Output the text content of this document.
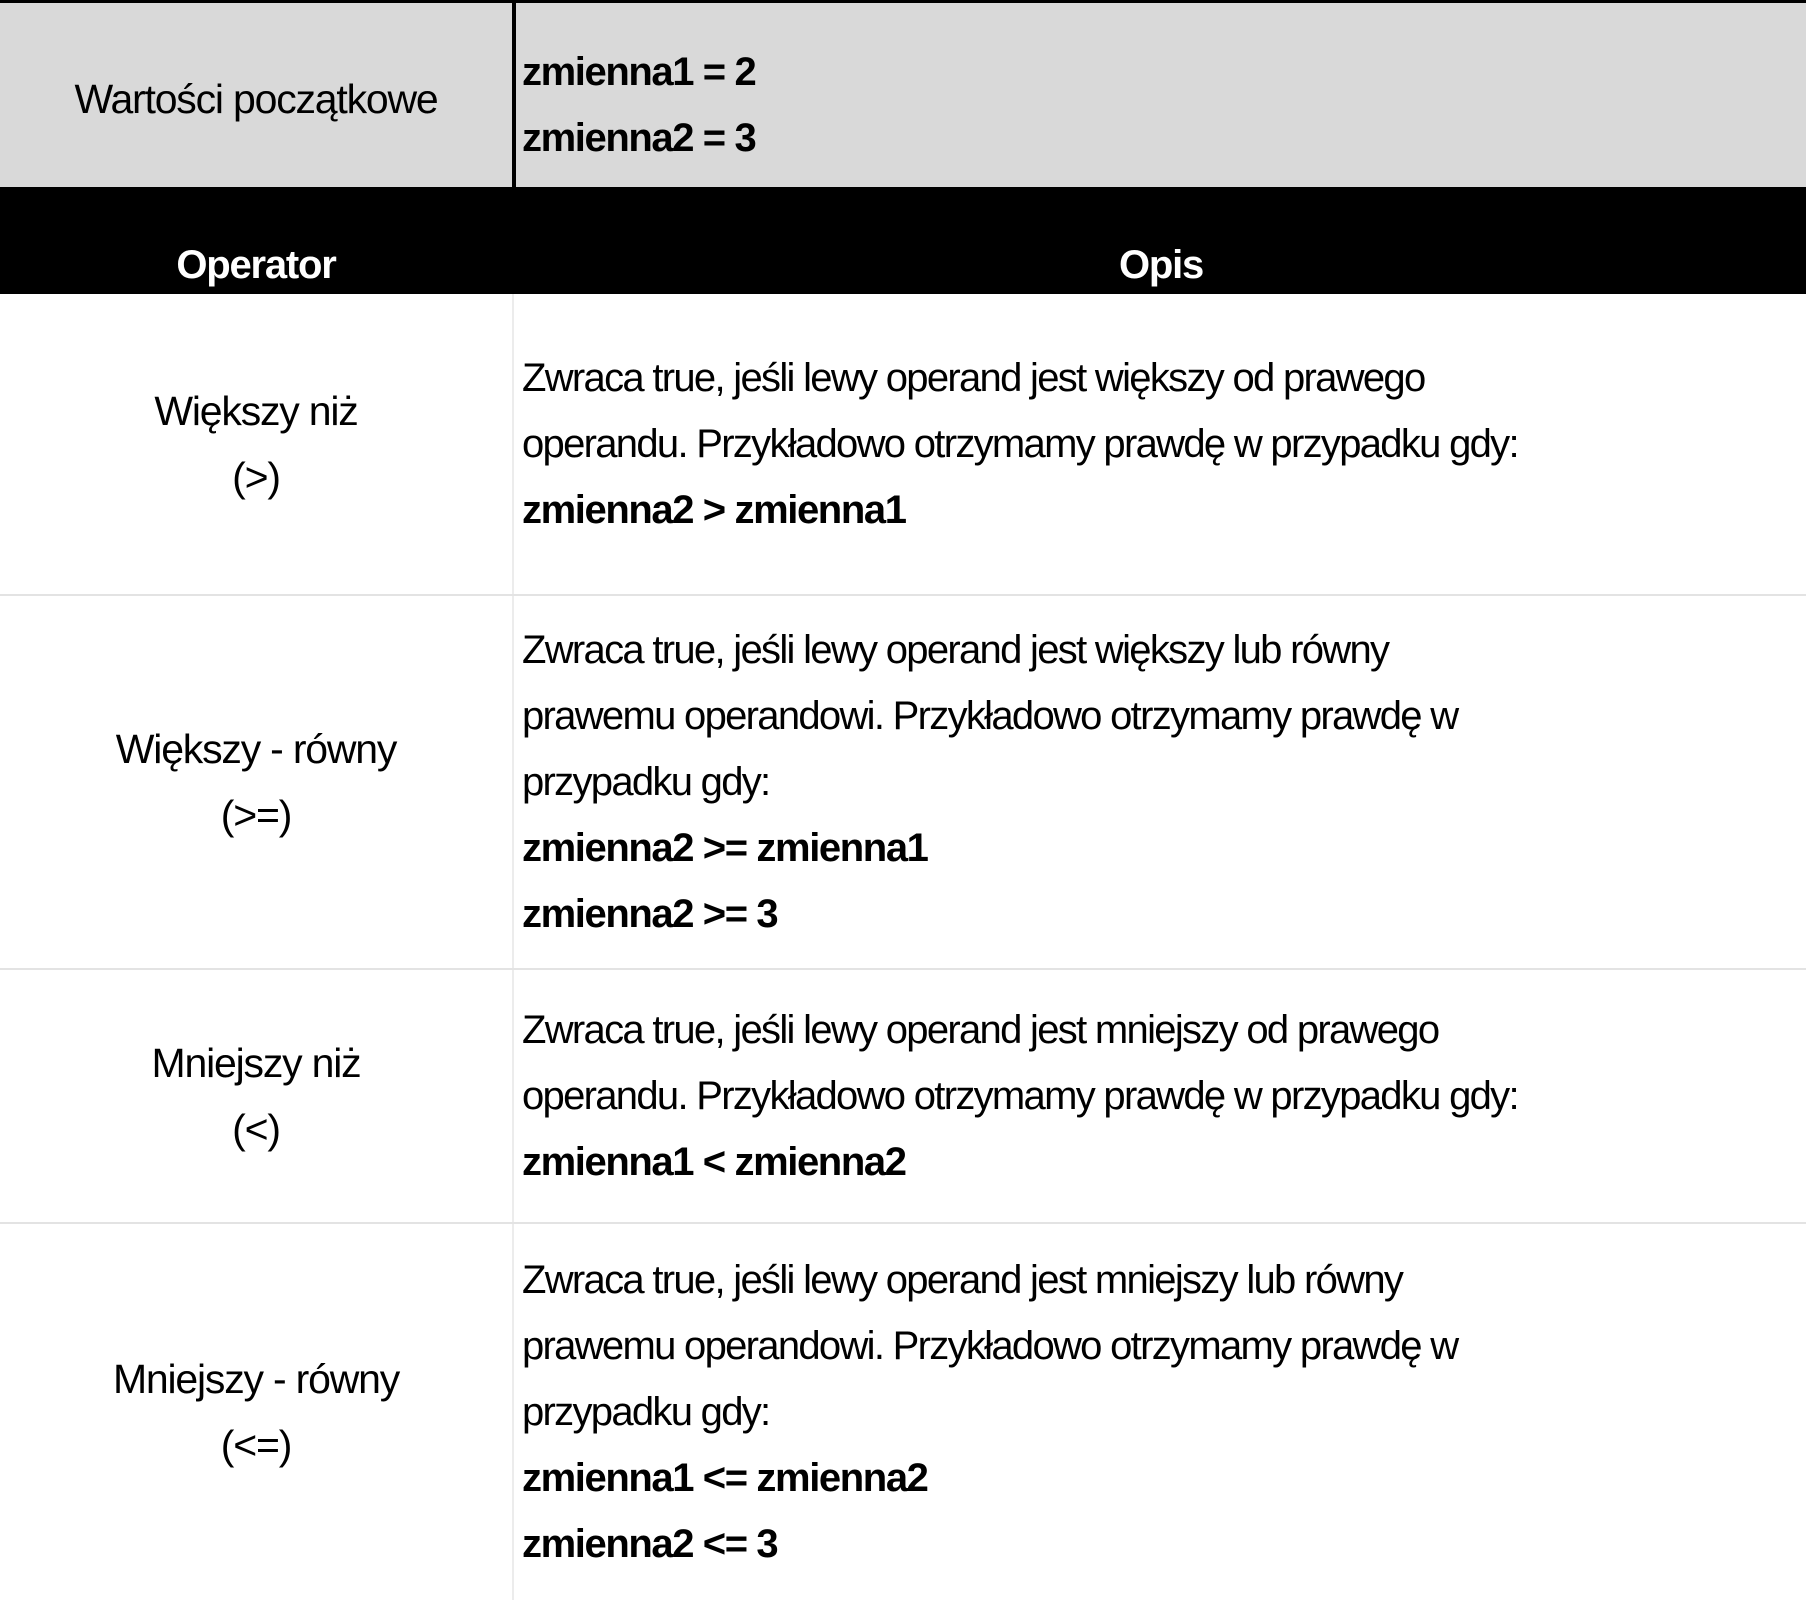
Wartości początkowe
zmienna1 = 2
zmienna2 = 3
Operator	Opis
Większy niż
(>)
Zwraca true, jeśli lewy operand jest większy od prawego
operandu. Przykładowo otrzymamy prawdę w przypadku gdy:
zmienna2 > zmienna1
Większy - równy
(>=)
Zwraca true, jeśli lewy operand jest większy lub równy
prawemu operandowi. Przykładowo otrzymamy prawdę w
przypadku gdy:
zmienna2 >= zmienna1
zmienna2 >= 3
Mniejszy niż
(<)
Zwraca true, jeśli lewy operand jest mniejszy od prawego
operandu. Przykładowo otrzymamy prawdę w przypadku gdy:
zmienna1 < zmienna2
Mniejszy - równy
(<=)
Zwraca true, jeśli lewy operand jest mniejszy lub równy
prawemu operandowi. Przykładowo otrzymamy prawdę w
przypadku gdy:
zmienna1 <= zmienna2
zmienna2 <= 3
